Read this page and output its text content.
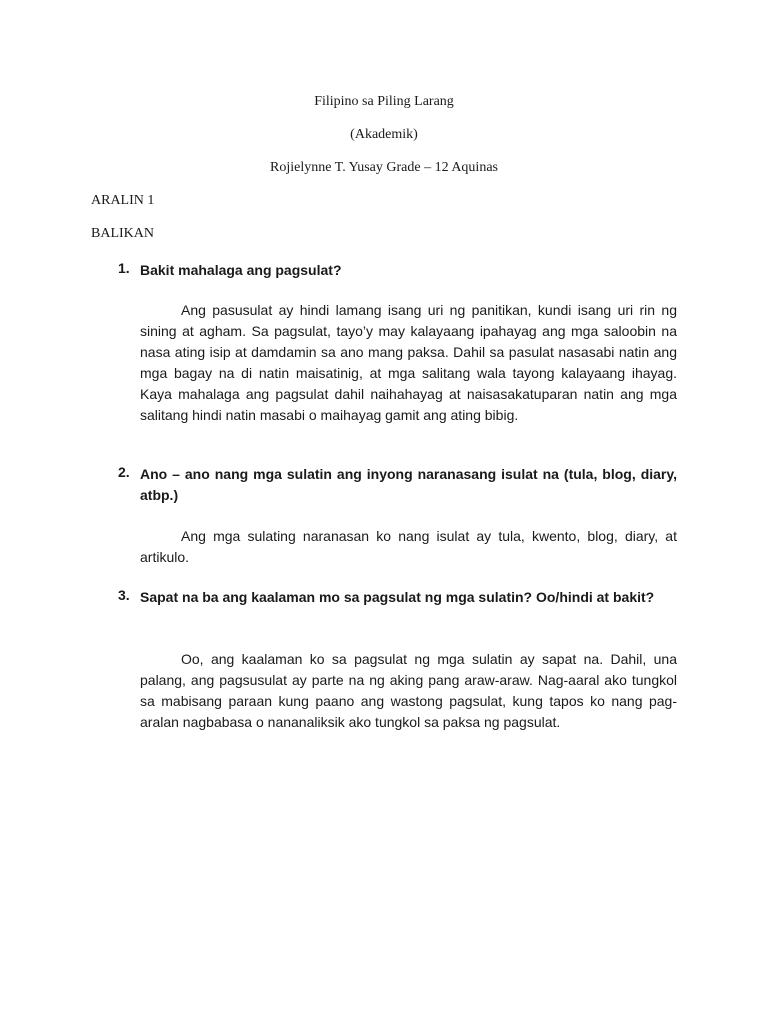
Filipino sa Piling Larang
(Akademik)
Rojielynne T. Yusay Grade – 12 Aquinas
ARALIN 1
BALIKAN
1. Bakit mahalaga ang pagsulat?

Ang pasusulat ay hindi lamang isang uri ng panitikan, kundi isang uri rin ng sining at agham. Sa pagsulat, tayo’y may kalayaang ipahayag ang mga saloobin na nasa ating isip at damdamin sa ano mang paksa. Dahil sa pasulat nasasabi natin ang mga bagay na di natin maisatinig, at mga salitang wala tayong kalayaang ihayag. Kaya mahalaga ang pagsulat dahil naihahayag at naisasakatuparan natin ang mga salitang hindi natin masabi o maihayag gamit ang ating bibig.

2. Ano – ano nang mga sulatin ang inyong naranasang isulat na (tula, blog, diary, atbp.)

Ang mga sulating naranasan ko nang isulat ay tula, kwento, blog, diary, at artikulo.

3. Sapat na ba ang kaalaman mo sa pagsulat ng mga sulatin? Oo/hindi at bakit?

Oo, ang kaalaman ko sa pagsulat ng mga sulatin ay sapat na. Dahil, una palang, ang pagsusulat ay parte na ng aking pang araw-araw. Nag-aaral ako tungkol sa mabisang paraan kung paano ang wastong pagsulat, kung tapos ko nang pag-aralan nagbabasa o nananaliksik ako tungkol sa paksa ng pagsulat.
